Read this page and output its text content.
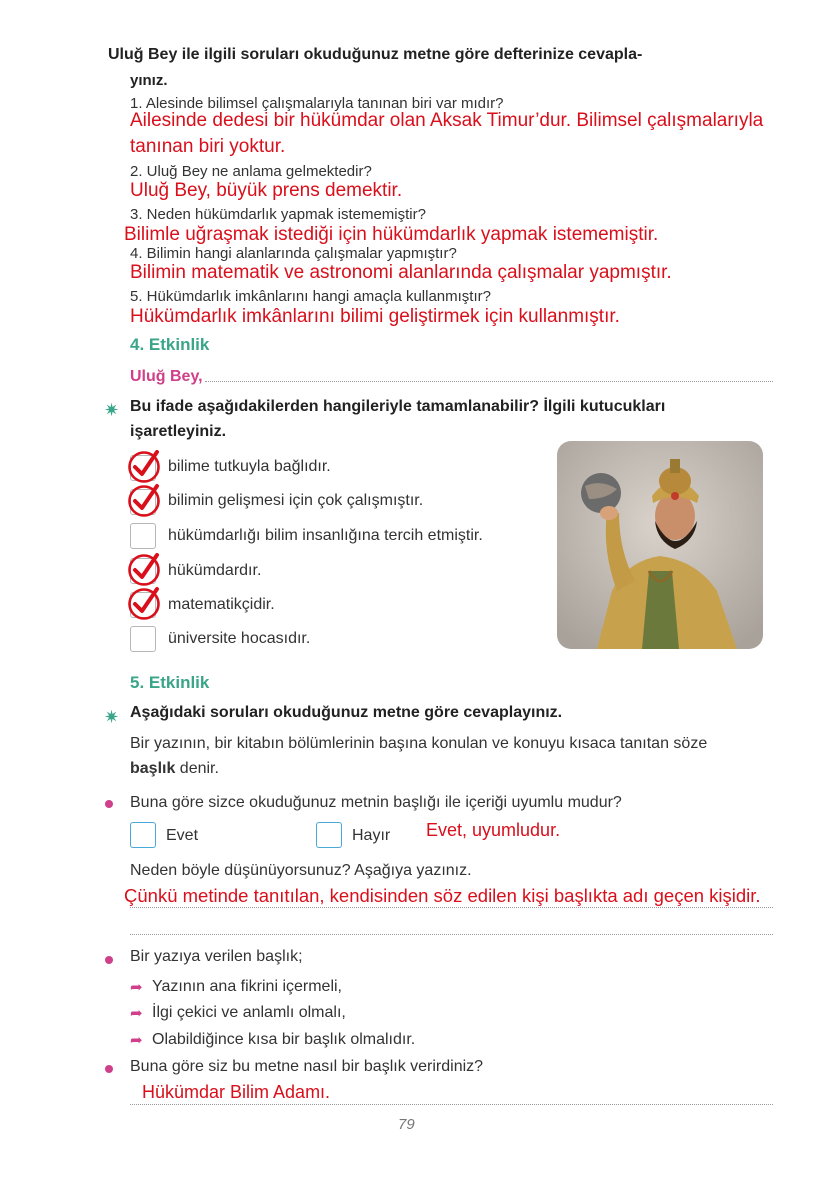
Uluğ Bey ile ilgili soruları okuduğunuz metne göre defterinize cevapla-
yınız.
1. Alesinde bilimsel çalışmalarıyla tanınan biri var mıdır?
Ailesinde dedesi bir hükümdar olan Aksak Timur’dur. Bilimsel çalışmalarıyla
tanınan biri yoktur.
2. Uluğ Bey ne anlama gelmektedir?
Uluğ Bey, büyük prens demektir.
3. Neden hükümdarlık yapmak istememiştir?
Bilimle uğraşmak istediği için hükümdarlık yapmak istememiştir.
4. Bilimin hangi alanlarında çalışmalar yapmıştır?
Bilimin matematik ve astronomi alanlarında çalışmalar yapmıştır.
5. Hükümdarlık imkânlarını hangi amaçla kullanmıştır?
Hükümdarlık imkânlarını bilimi geliştirmek için kullanmıştır.
4. Etkinlik
Uluğ Bey,
✷ Bu ifade aşağıdakilerden hangileriyle tamamlanabilir? İlgili kutucukları
işaretleyiniz.
bilime tutkuyla bağlıdır.
bilimin gelişmesi için çok çalışmıştır.
hükümdarlığı bilim insanlığına tercih etmiştir.
hükümdardır.
matematikçidir.
üniversite hocasıdır.
5. Etkinlik
✷ Aşağıdaki soruları okuduğunuz metne göre cevaplayınız.
Bir yazının, bir kitabın bölümlerinin başına konulan ve konuyu kısaca tanıtan söze
başlık denir.
Buna göre sizce okuduğunuz metnin başlığı ile içeriği uyumlu mudur?
Evet	Hayır Evet, uyumludur.
Neden böyle düşünüyorsunuz? Aşağıya yazınız.
Çünkü metinde tanıtılan, kendisinden söz edilen kişi başlıkta adı geçen kişidir.
Bir yazıya verilen başlık;
➦ Yazının ana fikrini içermeli,
➦ İlgi çekici ve anlamlı olmalı,
➦ Olabildiğince kısa bir başlık olmalıdır.
Buna göre siz bu metne nasıl bir başlık verirdiniz?
Hükümdar Bilim Adamı.
79
